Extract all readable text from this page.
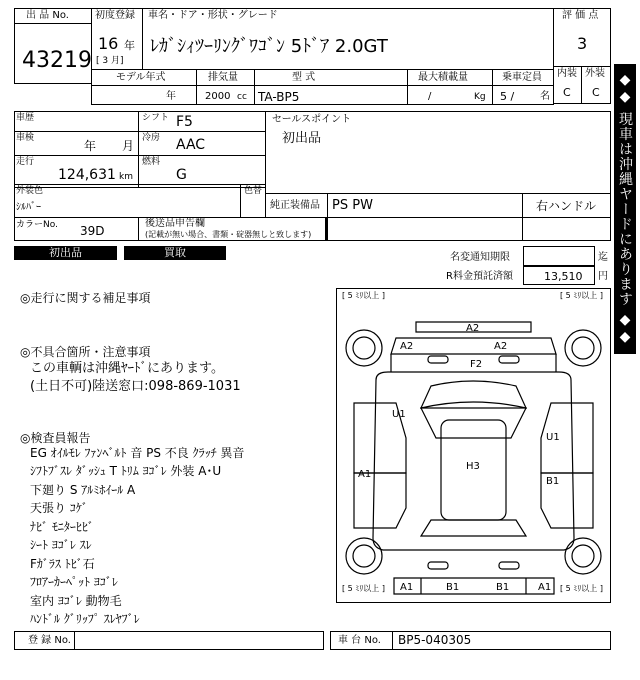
出 品 No.
43219
初度登録
16 年
[ 3 月]
車名・ドア・形状・グレード
ﾚｶﾞｼｨﾂｰﾘﾝｸﾞﾜｺﾞﾝ 5ﾄﾞｱ 2.0GT
評 価 点
3
内装 外装
C C
モデル年式
年
排気量
2000 cc
型 式
TA-BP5
最大積載量
/	Kg
乗車定員
5 /	名
車歴	シフト F5
車検
年 月
冷房 AAC
走行
124,631 km
燃料
G
外装色
ｼﾙﾊﾞｰ
色替
カラーNo. 39D
後送品申告欄
(記載が無い場合、書類・碇器無しと致します)
セールスポイント
初出品
純正装備品 PS PW	右ハンドル
初出品	買取	名変通知期限	迄
R料金預託済額	13,510 円 ◆◆ 現車は沖縄ヤードにあります ◆◆
◎走行に関する補足事項
◎不具合箇所・注意事項
この車輌は沖縄ﾔｰﾄﾞにあります。
(土日不可)陸送窓口:098-869-1031
◎検査員報告
EG ｵｲﾙﾓﾚ ﾌｧﾝﾍﾞﾙﾄ 音 PS 不良 ｸﾗｯﾁ 異音
ｼﾌﾄﾌﾞｽﾚ ﾀﾞｯｼｭ T ﾄﾘﾑ ﾖｺﾞﾚ 外装 A･U
下廻り S ｱﾙﾐﾎｲｰﾙ A
天張り ｺｹﾞ
ﾅﾋﾞ ﾓﾆﾀｰﾋﾋﾞ
ｼｰﾄ ﾖｺﾞﾚ ｽﾚ
Fｶﾞﾗｽ ﾄﾋﾞ石
ﾌﾛｱｰｶｰﾍﾟｯﾄ ﾖｺﾞﾚ
室内 ﾖｺﾞﾚ 動物毛
ﾊﾝﾄﾞﾙ ｸﾞﾘｯﾌﾟ ｽﾚﾔﾌﾞﾚ
[ 5 ﾐﾘ以上 ]	[ 5 ﾐﾘ以上 ]
[ 5 ﾐﾘ以上 ]	[ 5 ﾐﾘ以上 ]
A2
A2	A2
F2
U1
U1
A1
H3
B1
A1	B1	B1	A1
登 録 No.	車 台 No. BP5-040305
